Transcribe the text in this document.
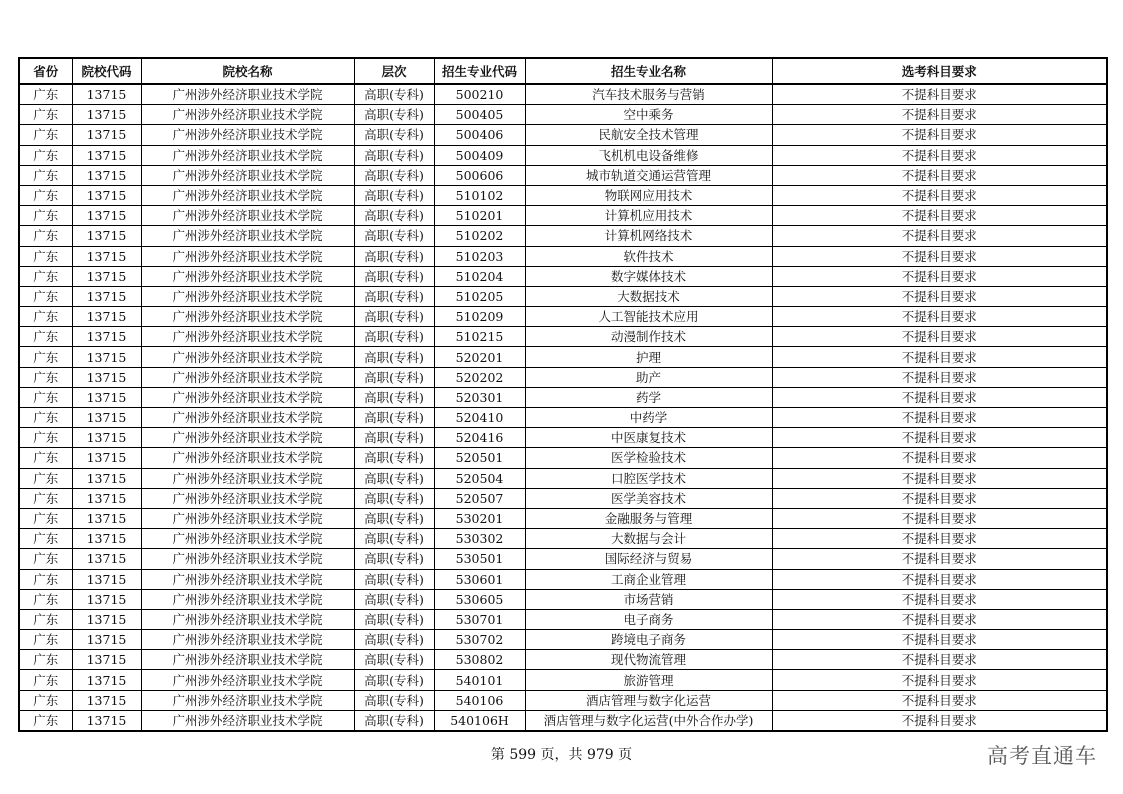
省份	院校代码	院校名称	层次	招生专业代码	招生专业名称	选考科目要求
广东	13715	广州涉外经济职业技术学院	高职(专科)	500210	汽车技术服务与营销	不提科目要求
广东	13715	广州涉外经济职业技术学院	高职(专科)	500405	空中乘务	不提科目要求
广东	13715	广州涉外经济职业技术学院	高职(专科)	500406	民航安全技术管理	不提科目要求
广东	13715	广州涉外经济职业技术学院	高职(专科)	500409	飞机机电设备维修	不提科目要求
广东	13715	广州涉外经济职业技术学院	高职(专科)	500606	城市轨道交通运营管理	不提科目要求
广东	13715	广州涉外经济职业技术学院	高职(专科)	510102	物联网应用技术	不提科目要求
广东	13715	广州涉外经济职业技术学院	高职(专科)	510201	计算机应用技术	不提科目要求
广东	13715	广州涉外经济职业技术学院	高职(专科)	510202	计算机网络技术	不提科目要求
广东	13715	广州涉外经济职业技术学院	高职(专科)	510203	软件技术	不提科目要求
广东	13715	广州涉外经济职业技术学院	高职(专科)	510204	数字媒体技术	不提科目要求
广东	13715	广州涉外经济职业技术学院	高职(专科)	510205	大数据技术	不提科目要求
广东	13715	广州涉外经济职业技术学院	高职(专科)	510209	人工智能技术应用	不提科目要求
广东	13715	广州涉外经济职业技术学院	高职(专科)	510215	动漫制作技术	不提科目要求
广东	13715	广州涉外经济职业技术学院	高职(专科)	520201	护理	不提科目要求
广东	13715	广州涉外经济职业技术学院	高职(专科)	520202	助产	不提科目要求
广东	13715	广州涉外经济职业技术学院	高职(专科)	520301	药学	不提科目要求
广东	13715	广州涉外经济职业技术学院	高职(专科)	520410	中药学	不提科目要求
广东	13715	广州涉外经济职业技术学院	高职(专科)	520416	中医康复技术	不提科目要求
广东	13715	广州涉外经济职业技术学院	高职(专科)	520501	医学检验技术	不提科目要求
广东	13715	广州涉外经济职业技术学院	高职(专科)	520504	口腔医学技术	不提科目要求
广东	13715	广州涉外经济职业技术学院	高职(专科)	520507	医学美容技术	不提科目要求
广东	13715	广州涉外经济职业技术学院	高职(专科)	530201	金融服务与管理	不提科目要求
广东	13715	广州涉外经济职业技术学院	高职(专科)	530302	大数据与会计	不提科目要求
广东	13715	广州涉外经济职业技术学院	高职(专科)	530501	国际经济与贸易	不提科目要求
广东	13715	广州涉外经济职业技术学院	高职(专科)	530601	工商企业管理	不提科目要求
广东	13715	广州涉外经济职业技术学院	高职(专科)	530605	市场营销	不提科目要求
广东	13715	广州涉外经济职业技术学院	高职(专科)	530701	电子商务	不提科目要求
广东	13715	广州涉外经济职业技术学院	高职(专科)	530702	跨境电子商务	不提科目要求
广东	13715	广州涉外经济职业技术学院	高职(专科)	530802	现代物流管理	不提科目要求
广东	13715	广州涉外经济职业技术学院	高职(专科)	540101	旅游管理	不提科目要求
广东	13715	广州涉外经济职业技术学院	高职(专科)	540106	酒店管理与数字化运营	不提科目要求
广东	13715	广州涉外经济职业技术学院	高职(专科)	540106H	酒店管理与数字化运营(中外合作办学)	不提科目要求
第 599 页，共 979 页	高考直通车
